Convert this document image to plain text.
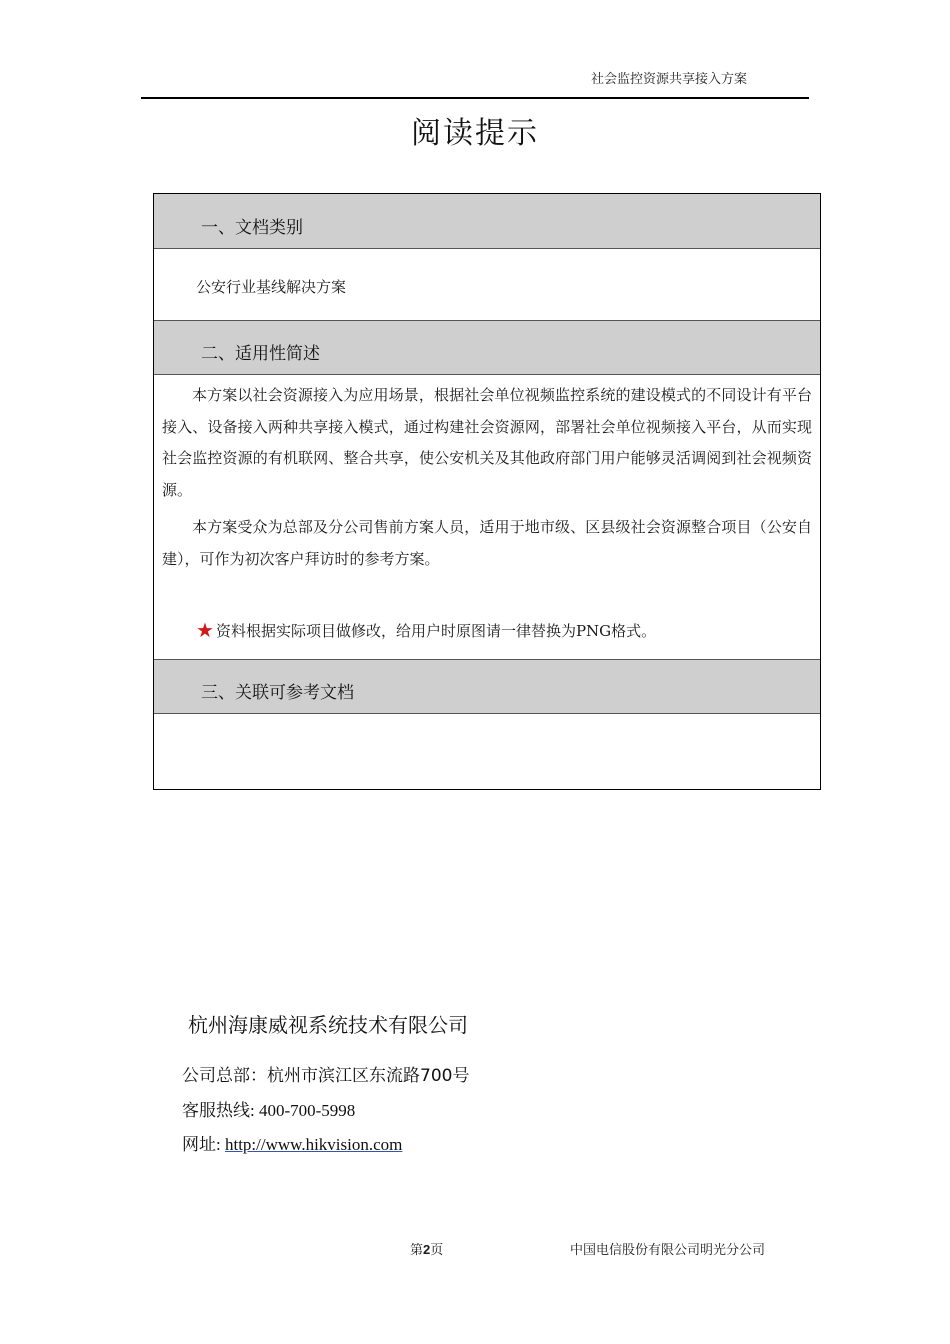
社会监控资源共享接入方案
阅读提示
一、文档类别
公安行业基线解决方案
二、适用性简述

本方案以社会资源接入为应用场景，根据社会单位视频监控系统的建设模式的不同设计有平台接入、设备接入两种共享接入模式，通过构建社会资源网，部署社会单位视频接入平台，从而实现社会监控资源的有机联网、整合共享，使公安机关及其他政府部门用户能够灵活调阅到社会视频资源。

本方案受众为总部及分公司售前方案人员，适用于地市级、区县级社会资源整合项目（公安自建），可作为初次客户拜访时的参考方案。

★ 资料根据实际项目做修改，给用户时原图请一律替换为PNG格式。
三、关联可参考文档
杭州海康威视系统技术有限公司
公司总部：杭州市滨江区东流路700号
客服热线: 400-700-5998
网址: http://www.hikvision.com
第2页	中国电信股份有限公司明光分公司
